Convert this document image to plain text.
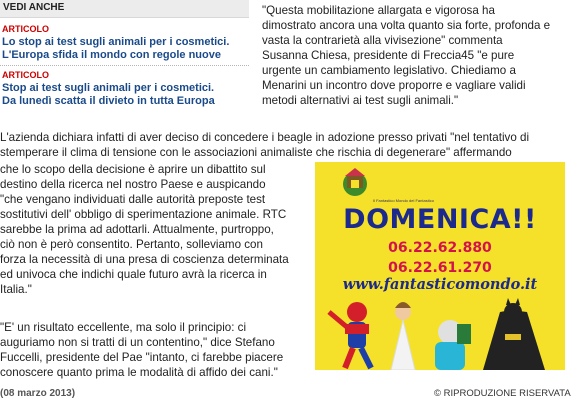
VEDI ANCHE
ARTICOLO
Lo stop ai test sugli animali per i cosmetici.
L'Europa sfida il mondo con regole nuove
ARTICOLO
Stop ai test sugli animali per i cosmetici.
Da lunedì scatta il divieto in tutta Europa
"Questa mobilitazione allargata e vigorosa ha
dimostrato ancora una volta quanto sia forte, profonda e
vasta la contrarietà alla vivisezione" commenta
Susanna Chiesa, presidente di Freccia45 "e pure
urgente un cambiamento legislativo. Chiediamo a
Menarini un incontro dove proporre e vagliare validi
metodi alternativi ai test sugli animali."
L'azienda dichiara infatti di aver deciso di concedere i beagle in adozione presso privati "nel tentativo di
stemperare il clima di tensione con le associazioni animaliste che rischia di degenerare" affermando
che lo scopo della decisione è aprire un dibattito sul
destino della ricerca nel nostro Paese e auspicando
"che vengano individuati dalle autorità preposte test
sostitutivi dell' obbligo di sperimentazione animale. RTC
sarebbe la prima ad adottarli. Attualmente, purtroppo,
ciò non è però consentito. Pertanto, solleviamo con
forza la necessità di una presa di coscienza determinata
ed univoca che indichi quale futuro avrà la ricerca in
Italia."
"E' un risultato eccellente, ma solo il principio: ci
auguriamo non si tratti di un contentino," dice Stefano
Fuccelli, presidente del Pae "intanto, ci farebbe piacere
conoscere quanto prima le modalità di affido dei cani."
(08 marzo 2013)	© RIPRODUZIONE RISERVATA
Il Fantastico Mondo del Fantastico
DOMENICA!!
06.22.62.880
06.22.61.270
www.fantasticomondo.it
